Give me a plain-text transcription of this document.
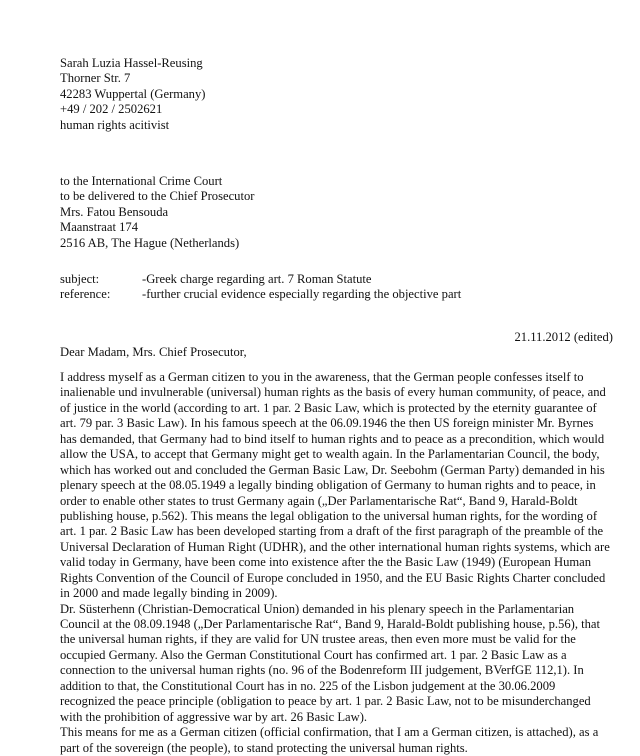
Sarah Luzia Hassel-Reusing
Thorner Str. 7
42283 Wuppertal (Germany)
+49 / 202 / 2502621
human rights acitivist
to the International Crime Court
to be delivered to the Chief Prosecutor
Mrs. Fatou Bensouda
Maanstraat 174
2516 AB, The Hague (Netherlands)
subject:	-Greek charge regarding art. 7 Roman Statute
reference:	-further crucial evidence especially regarding the objective part
21.11.2012 (edited)
Dear Madam, Mrs. Chief Prosecutor,
I address myself as a German citizen to you in the awareness, that the German people confesses itself to
inalienable und invulnerable (universal) human rights as the basis of every human community, of peace, and
of justice in the world (according to art. 1 par. 2 Basic Law, which is protected by the eternity guarantee of
art. 79 par. 3 Basic Law). In his famous speech at the 06.09.1946 the then US foreign minister Mr. Byrnes
has demanded, that Germany had to bind itself to human rights and to peace as a precondition, which would
allow the USA, to accept that Germany might get to wealth again. In the Parlamentarian Council, the body,
which has worked out and concluded the German Basic Law, Dr. Seebohm (German Party) demanded in his
plenary speech at the 08.05.1949 a legally binding obligation of Germany to human rights and to peace, in
order to enable other states to trust Germany again („Der Parlamentarische Rat“, Band 9, Harald-Boldt
publishing house, p.562). This means the legal obligation to the universal human rights, for the wording of
art. 1 par. 2 Basic Law has been developed starting from a draft of the first paragraph of the preamble of the
Universal Declaration of Human Right (UDHR), and the other international human rights systems, which are
valid today in Germany, have been come into existence after the the Basic Law (1949) (European Human
Rights Convention of the Council of Europe concluded in 1950, and the EU Basic Rights Charter concluded
in 2000 and made legally binding in 2009).
Dr. Süsterhenn (Christian-Democratical Union) demanded in his plenary speech in the Parlamentarian
Council at the 08.09.1948 („Der Parlamentarische Rat“, Band 9, Harald-Boldt publishing house, p.56), that
the universal human rights, if they are valid for UN trustee areas, then even more must be valid for the
occupied Germany. Also the German Constitutional Court has confirmed art. 1 par. 2 Basic Law as a
connection to the universal human rights (no. 96 of the Bodenreform III judgement, BVerfGE 112,1). In
addition to that, the Constitutional Court has in no. 225 of the Lisbon judgement at the 30.06.2009
recognized the peace principle (obligation to peace by art. 1 par. 2 Basic Law, not to be misunderchanged
with the prohibition of aggressive war by art. 26 Basic Law).
This means for me as a German citizen (official confirmation, that I am a German citizen, is attached), as a
part of the sovereign (the people), to stand protecting the universal human rights.
